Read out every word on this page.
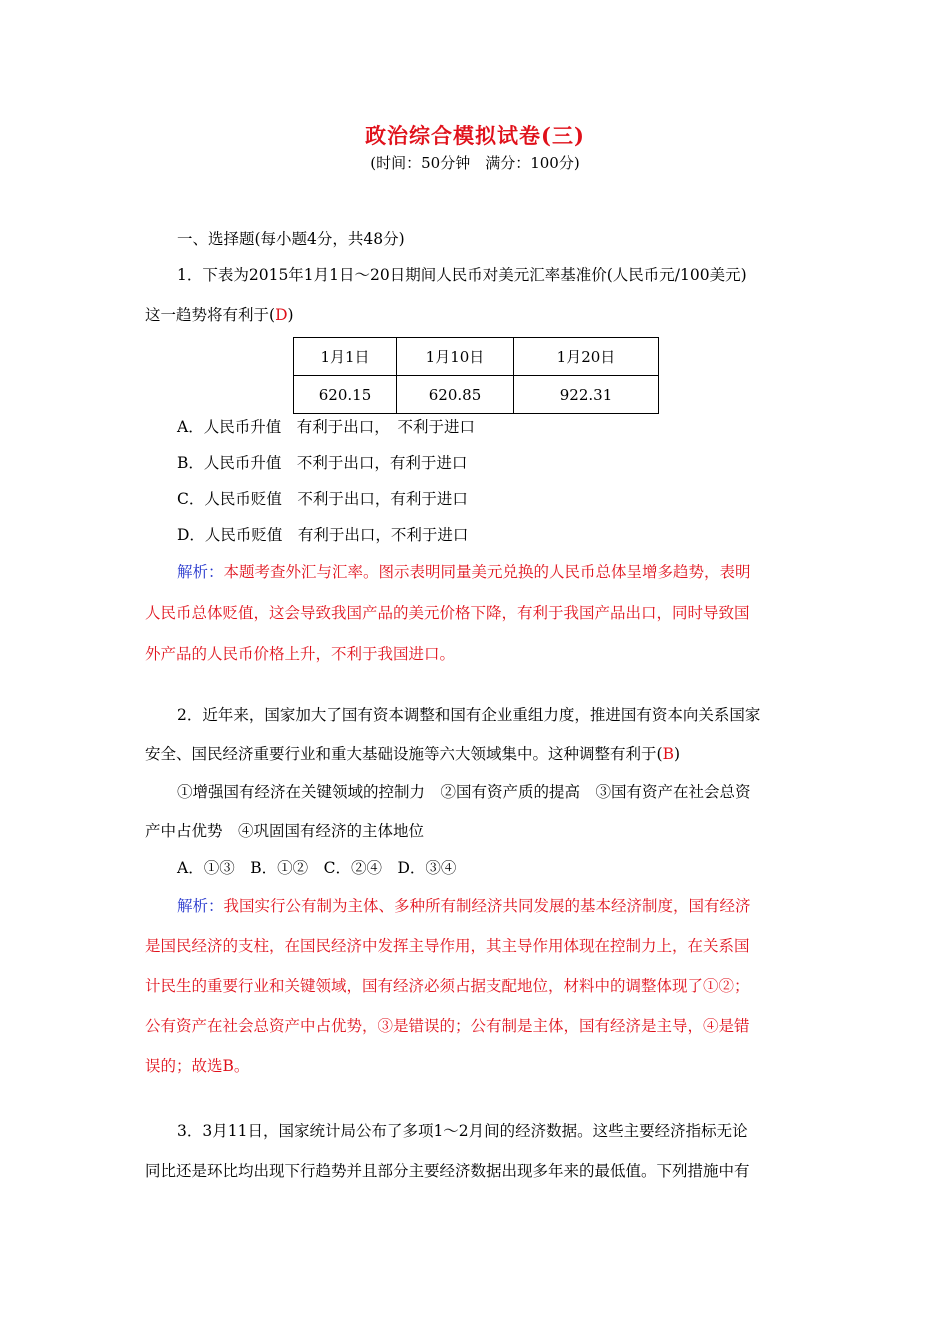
政治综合模拟试卷(三)
(时间：50分钟　满分：100分)
一、选择题(每小题4分，共48分)
1．下表为2015年1月1日～20日期间人民币对美元汇率基准价(人民币元/100美元)
这一趋势将有利于(D)
1月1日	1月10日	1月20日
620.15	620.85	922.31
A．人民币升值　有利于出口，　不利于进口
B．人民币升值　不利于出口，有利于进口
C．人民币贬值　不利于出口，有利于进口
D．人民币贬值　有利于出口，不利于进口
解析：本题考查外汇与汇率。图示表明同量美元兑换的人民币总体呈增多趋势，表明
人民币总体贬值，这会导致我国产品的美元价格下降，有利于我国产品出口，同时导致国
外产品的人民币价格上升，不利于我国进口。
2．近年来，国家加大了国有资本调整和国有企业重组力度，推进国有资本向关系国家
安全、国民经济重要行业和重大基础设施等六大领域集中。这种调整有利于(B)
①增强国有经济在关键领域的控制力　②国有资产质的提高　③国有资产在社会总资
产中占优势　④巩固国有经济的主体地位
A．①③　B．①②　C．②④　D．③④
解析：我国实行公有制为主体、多种所有制经济共同发展的基本经济制度，国有经济
是国民经济的支柱，在国民经济中发挥主导作用，其主导作用体现在控制力上，在关系国
计民生的重要行业和关键领域，国有经济必须占据支配地位，材料中的调整体现了①②；
公有资产在社会总资产中占优势，③是错误的；公有制是主体，国有经济是主导，④是错
误的；故选B。
3．3月11日，国家统计局公布了多项1～2月间的经济数据。这些主要经济指标无论
同比还是环比均出现下行趋势并且部分主要经济数据出现多年来的最低值。下列措施中有
